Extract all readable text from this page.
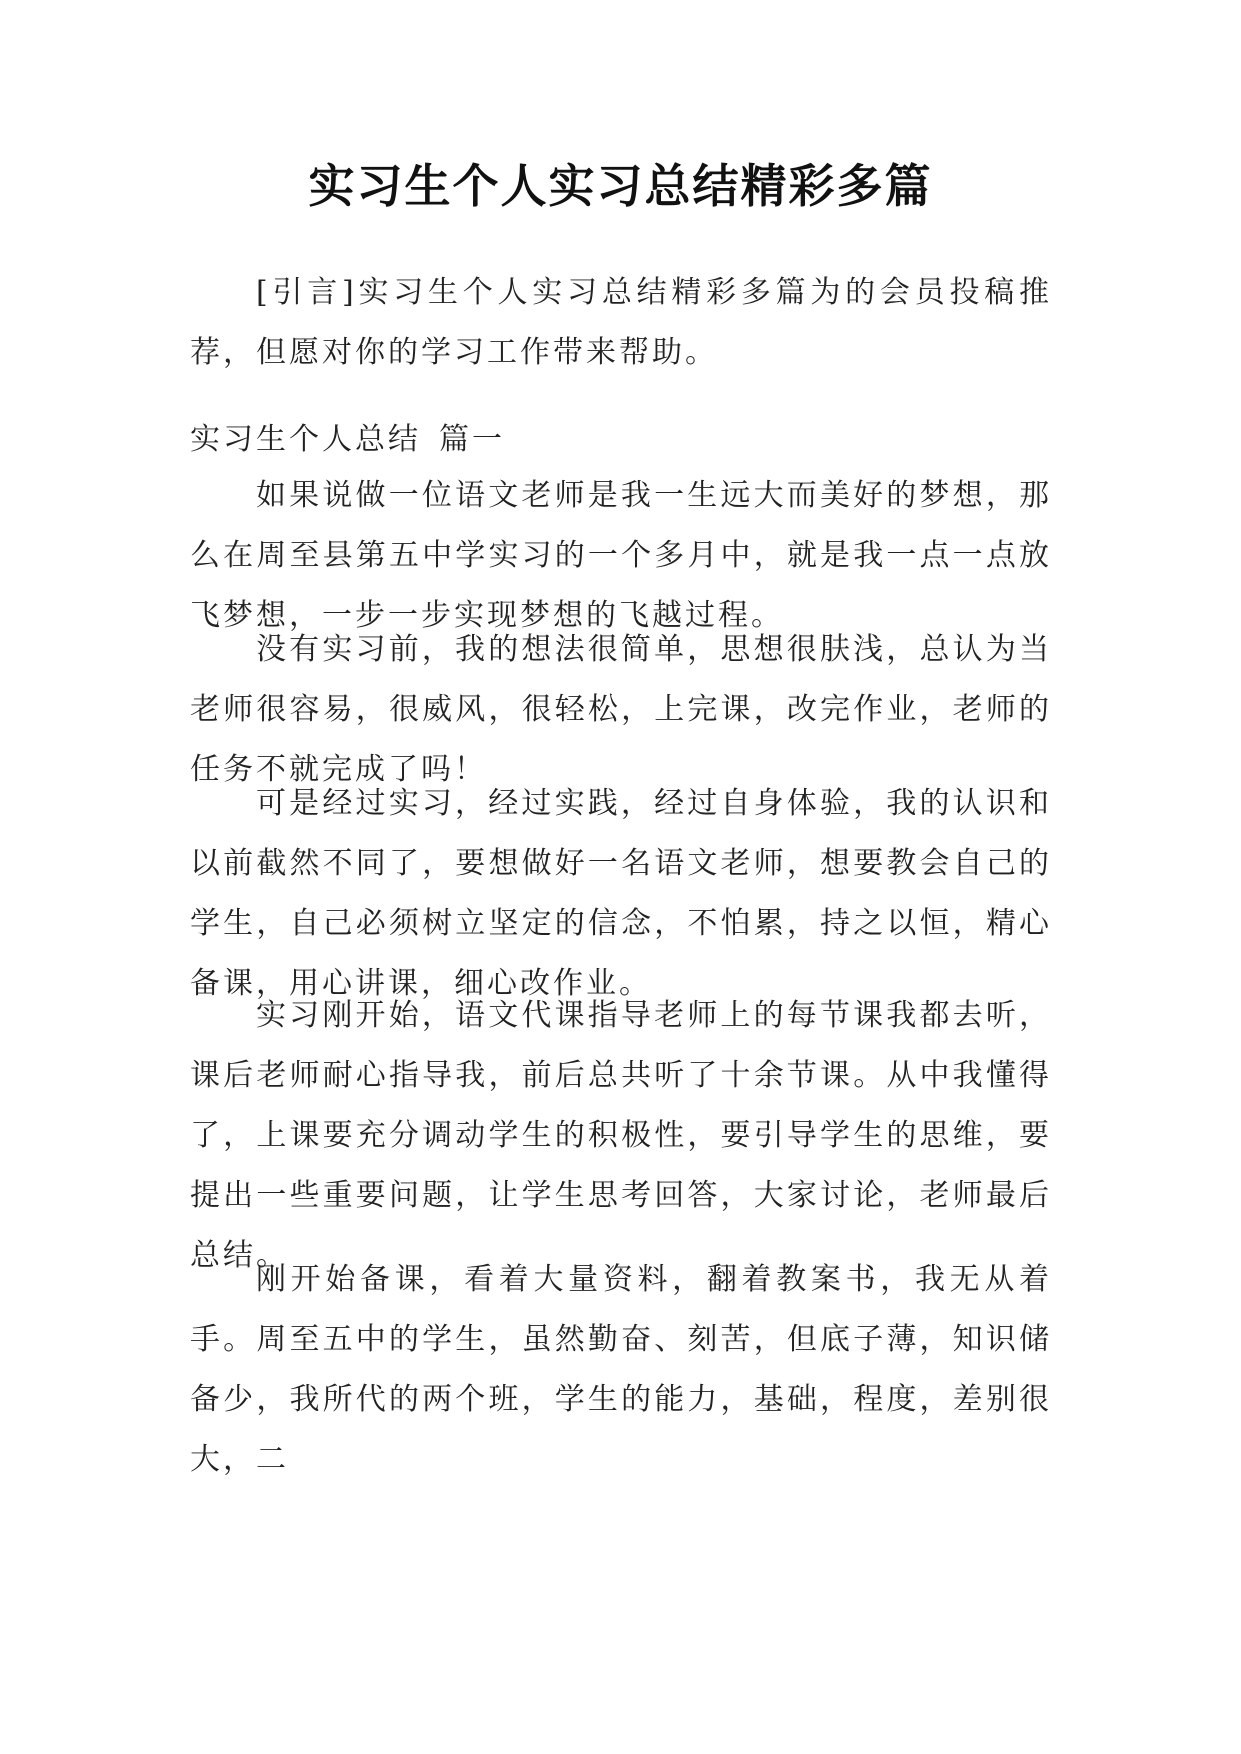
实习生个人实习总结精彩多篇

[引言]实习生个人实习总结精彩多篇为的会员投稿推荐，但愿对你的学习工作带来帮助。

实习生个人总结 篇一

如果说做一位语文老师是我一生远大而美好的梦想，那么在周至县第五中学实习的一个多月中，就是我一点一点放飞梦想，一步一步实现梦想的飞越过程。

没有实习前，我的想法很简单，思想很肤浅，总认为当老师很容易，很威风，很轻松，上完课，改完作业，老师的任务不就完成了吗！

可是经过实习，经过实践，经过自身体验，我的认识和以前截然不同了，要想做好一名语文老师，想要教会自己的学生，自己必须树立坚定的信念，不怕累，持之以恒，精心备课，用心讲课，细心改作业。

实习刚开始，语文代课指导老师上的每节课我都去听，课后老师耐心指导我，前后总共听了十余节课。从中我懂得了，上课要充分调动学生的积极性，要引导学生的思维，要提出一些重要问题，让学生思考回答，大家讨论，老师最后总结。

刚开始备课，看着大量资料，翻着教案书，我无从着手。周至五中的学生，虽然勤奋、刻苦，但底子薄，知识储备少，我所代的两个班，学生的能力，基础，程度，差别很大，二
